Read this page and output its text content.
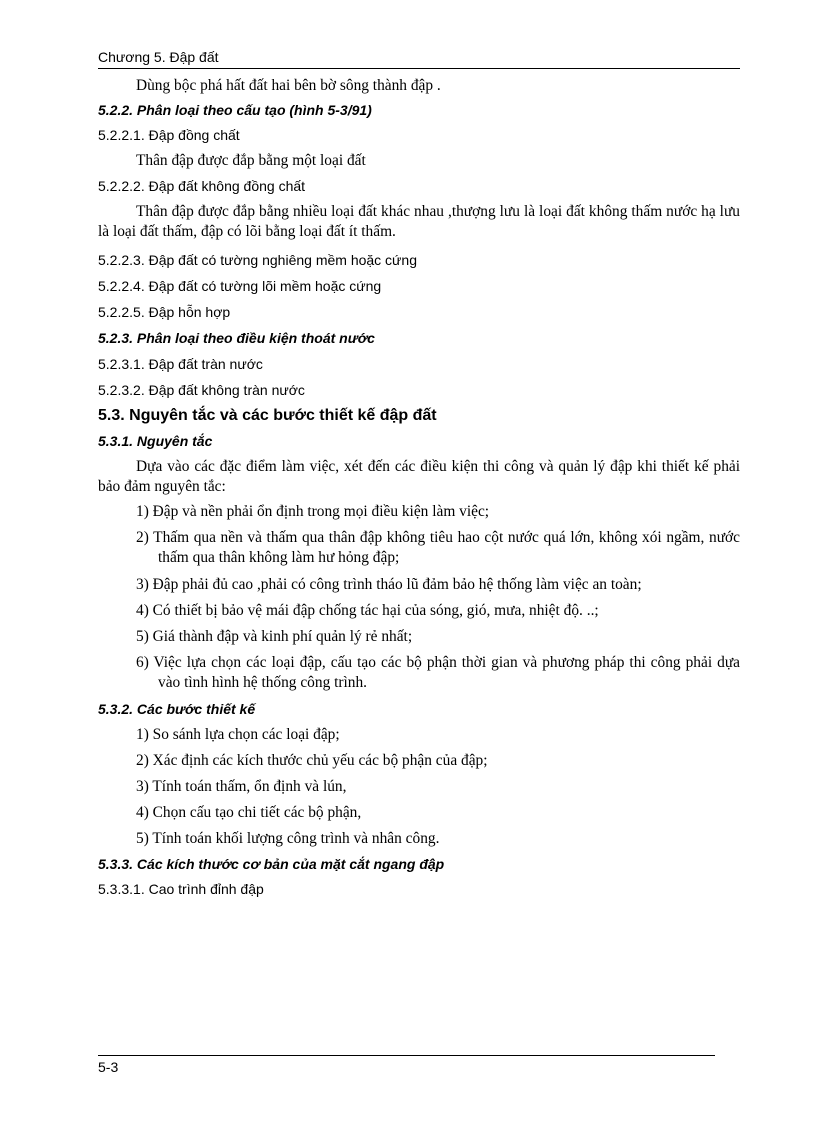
Chương 5. Đập đất
Dùng bộc phá hất đất hai bên bờ sông thành đập .
5.2.2. Phân loại theo cấu tạo (hình 5-3/91)
5.2.2.1. Đập đồng chất
Thân đập được đắp bằng một loại đất
5.2.2.2. Đập đất không đồng chất
Thân đập được đắp bằng nhiều loại đất khác nhau ,thượng lưu là loại đất không thấm nước hạ lưu là loại đất thấm, đập có lõi bằng loại đất ít thấm.
5.2.2.3. Đập đất có tường nghiêng mềm hoặc cứng
5.2.2.4. Đập đất có tường lõi mềm hoặc cứng
5.2.2.5. Đập hỗn hợp
5.2.3. Phân loại theo điều kiện thoát nước
5.2.3.1. Đập đất tràn nước
5.2.3.2. Đập đất không tràn nước
5.3. Nguyên tắc và các bước thiết kế đập đất
5.3.1. Nguyên tắc
Dựa vào các đặc điểm làm việc, xét đến các điều kiện thi công và quản lý đập khi thiết kế phải bảo đảm nguyên tắc:
1) Đập và nền phải ổn định trong mọi điều kiện làm việc;
2) Thấm qua nền và thấm qua thân đập không tiêu hao cột nước quá lớn, không xói ngầm, nước thấm qua thân không làm hư hỏng đập;
3) Đập phải đủ cao ,phải có công trình tháo lũ đảm bảo hệ thống làm việc an toàn;
4) Có thiết bị bảo vệ mái đập chống tác hại của sóng, gió, mưa, nhiệt độ. ..;
5) Giá thành đập và kinh phí quản lý rẻ nhất;
6) Việc lựa chọn các loại đập, cấu tạo các bộ phận thời gian và phương pháp thi công phải dựa vào tình hình hệ thống công trình.
5.3.2. Các bước thiết kế
1) So sánh lựa chọn các loại đập;
2) Xác định các kích thước chủ yếu các bộ phận của đập;
3) Tính toán thấm, ổn định và lún,
4) Chọn cấu tạo chi tiết các bộ phận,
5) Tính toán khối lượng công trình và nhân công.
5.3.3. Các kích thước cơ bản của mặt cắt ngang đập
5.3.3.1. Cao trình đỉnh đập
5-3
